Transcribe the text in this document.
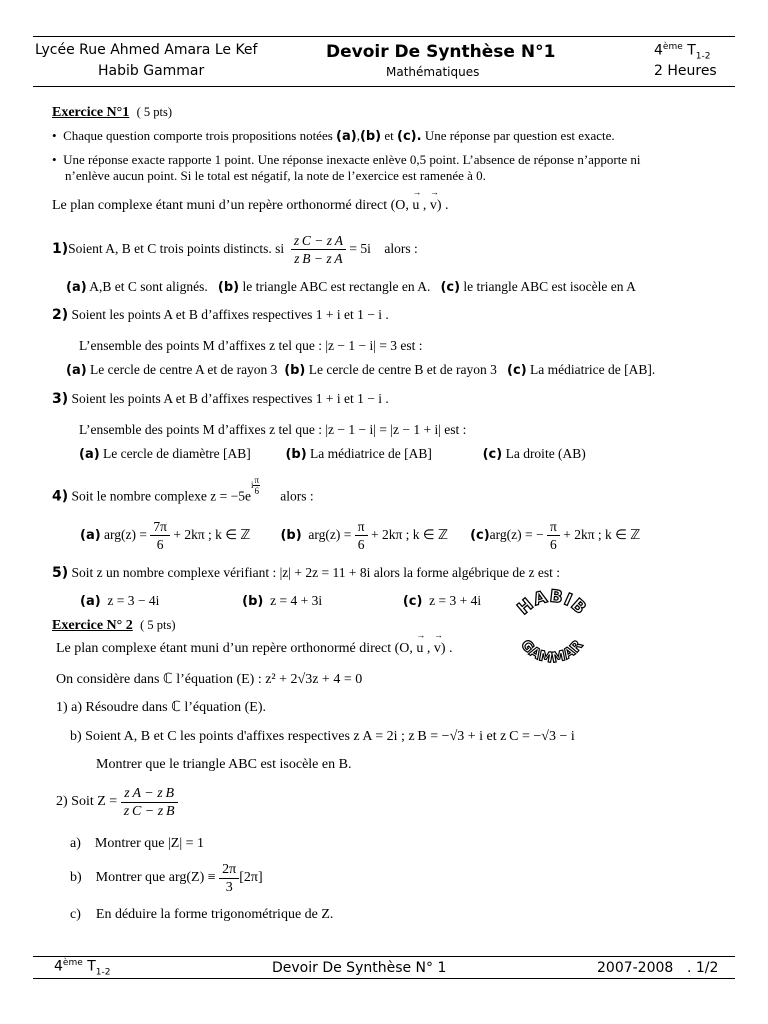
Lycée Rue Ahmed Amara Le Kef
Habib Gammar
Devoir De Synthèse N°1
Mathématiques
4ème $T_{1-2}$
2 Heures
Exercice N°1 ( 5 pts)
• Chaque question comporte trois propositions notées (a),(b) et (c). Une réponse par question est exacte.
• Une réponse exacte rapporte 1 point. Une réponse inexacte enlève 0,5 point. L’absence de réponse n’apporte ni
n’enlève aucun point. Si le total est négatif, la note de l’exercice est ramenée à 0.
Le plan complexe étant muni d’un repère orthonormé direct (O, → u , → v) .
1) Soient A, B et C trois points distincts. si
$\frac{\text{z C − z A}}{\text{z B − z A}}$
= 5i
alors :
(a) A,B et C sont alignés. (b) le triangle ABC est rectangle en A. (c) le triangle ABC est isocèle en A
2) Soient les points A et B d’affixes respectives 1 + i et 1 − i .
L’ensemble des points M d’affixes z tel que : |z − 1 − i| = 3 est :
(a) Le cercle de centre A et de rayon 3 (b) Le cercle de centre B et de rayon 3 (c) La médiatrice de [AB].
3) Soient les points A et B d’affixes respectives 1 + i et 1 − i .
L’ensemble des points M d’affixes z tel que : |z − 1 − i| = |z − 1 + i| est :
(a) Le cercle de diamètre [AB]	(b) La médiatrice de [AB]	(c) La droite (AB)
4) Soit le nombre complexe $z = -5e^{i \frac{\pi}{6}}$
alors :
(a)
arg(z) =
$\frac{7\pi}{6}$
+ 2kπ ; k ∈ ℤ (b)
arg(z) =
$\frac{\pi}{6}$
+ 2kπ ; k ∈ ℤ (c) arg(z) = −
$\frac{\pi}{6}$
+ 2kπ ; k ∈ ℤ
5) Soit z un nombre complexe vérifiant : |z| + 2z = 11 + 8i alors la forme algébrique de z est :
(a) z = 3 − 4i	(b) z = 4 + 3i	(c) z = 3 + 4i
Exercice N° 2 ( 5 pts)
Le plan complexe étant muni d’un repère orthonormé direct (O, → u , → v) .
On considère dans ℂ l’équation (E) : z² + 2√3z + 4 = 0
1) a) Résoudre dans ℂ l’équation (E).
b) Soient A, B et C les points d'affixes respectives z A = 2i ; z B = −√3 + i et z C = −√3 − i
Montrer que le triangle ABC est isocèle en B.
2) Soit Z =
$\frac{\text{z A − z B}}{\text{z C − z B}}$
a) Montrer que |Z| = 1
b) Montrer que arg(Z) ≡
$\frac{2\pi}{3} [2\pi]$
c) En déduire la forme trigonométrique de Z.
HABIB
GAMMAR
4ème $T_{1-2}$	Devoir De Synthèse N° 1	2007-2008 . 1/2
